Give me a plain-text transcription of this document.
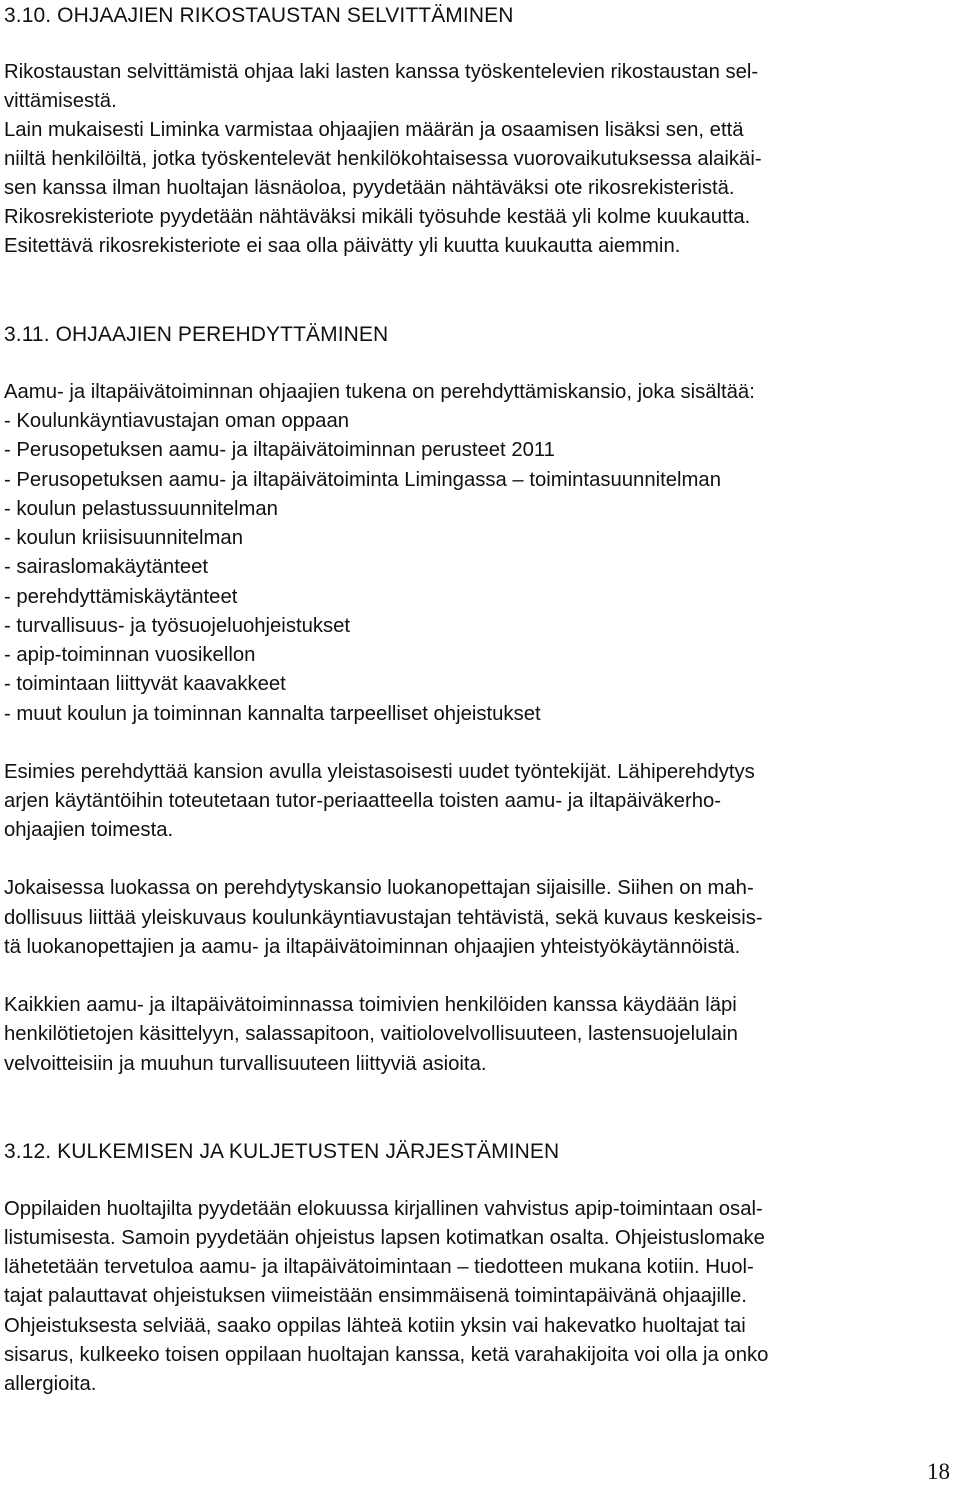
3.10. OHJAAJIEN RIKOSTAUSTAN SELVITTÄMINEN
Rikostaustan selvittämistä ohjaa laki lasten kanssa työskentelevien rikostaustan sel-
vittämisestä.
Lain mukaisesti Liminka varmistaa ohjaajien määrän ja osaamisen lisäksi sen, että
niiltä henkilöiltä, jotka työskentelevät henkilökohtaisessa vuorovaikutuksessa alaikäi-
sen kanssa ilman huoltajan läsnäoloa, pyydetään nähtäväksi ote rikosrekisteristä.
Rikosrekisteriote pyydetään nähtäväksi mikäli työsuhde kestää yli kolme kuukautta.
Esitettävä rikosrekisteriote ei saa olla päivätty yli kuutta kuukautta aiemmin.
3.11. OHJAAJIEN PEREHDYTTÄMINEN
Aamu- ja iltapäivätoiminnan ohjaajien tukena on perehdyttämiskansio, joka sisältää:
- Koulunkäyntiavustajan oman oppaan
- Perusopetuksen aamu- ja iltapäivätoiminnan perusteet 2011
- Perusopetuksen aamu- ja iltapäivätoiminta Limingassa – toimintasuunnitelman
- koulun pelastussuunnitelman
- koulun kriisisuunnitelman
- sairaslomakäytänteet
- perehdyttämiskäytänteet
- turvallisuus- ja työsuojeluohjeistukset
- apip-toiminnan vuosikellon
- toimintaan liittyvät kaavakkeet
- muut koulun ja toiminnan kannalta tarpeelliset ohjeistukset
Esimies perehdyttää kansion avulla yleistasoisesti uudet työntekijät. Lähiperehdytys
arjen käytäntöihin toteutetaan tutor-periaatteella toisten aamu- ja iltapäiväkerho-
ohjaajien toimesta.
Jokaisessa luokassa on perehdytyskansio luokanopettajan sijaisille. Siihen on mah-
dollisuus liittää yleiskuvaus koulunkäyntiavustajan tehtävistä, sekä kuvaus keskeisis-
tä luokanopettajien ja aamu- ja iltapäivätoiminnan ohjaajien yhteistyökäytännöistä.
Kaikkien aamu- ja iltapäivätoiminnassa toimivien henkilöiden kanssa käydään läpi
henkilötietojen käsittelyyn, salassapitoon, vaitiolovelvollisuuteen, lastensuojelulain
velvoitteisiin ja muuhun turvallisuuteen liittyviä asioita.
3.12. KULKEMISEN JA KULJETUSTEN JÄRJESTÄMINEN
Oppilaiden huoltajilta pyydetään elokuussa kirjallinen vahvistus apip-toimintaan osal-
listumisesta. Samoin pyydetään ohjeistus lapsen kotimatkan osalta. Ohjeistuslomake
lähetetään tervetuloa aamu- ja iltapäivätoimintaan – tiedotteen mukana kotiin. Huol-
tajat palauttavat ohjeistuksen viimeistään ensimmäisenä toimintapäivänä ohjaajille.
Ohjeistuksesta selviää, saako oppilas lähteä kotiin yksin vai hakevatko huoltajat tai
sisarus, kulkeeko toisen oppilaan huoltajan kanssa, ketä varahakijoita voi olla ja onko
allergioita.
18
